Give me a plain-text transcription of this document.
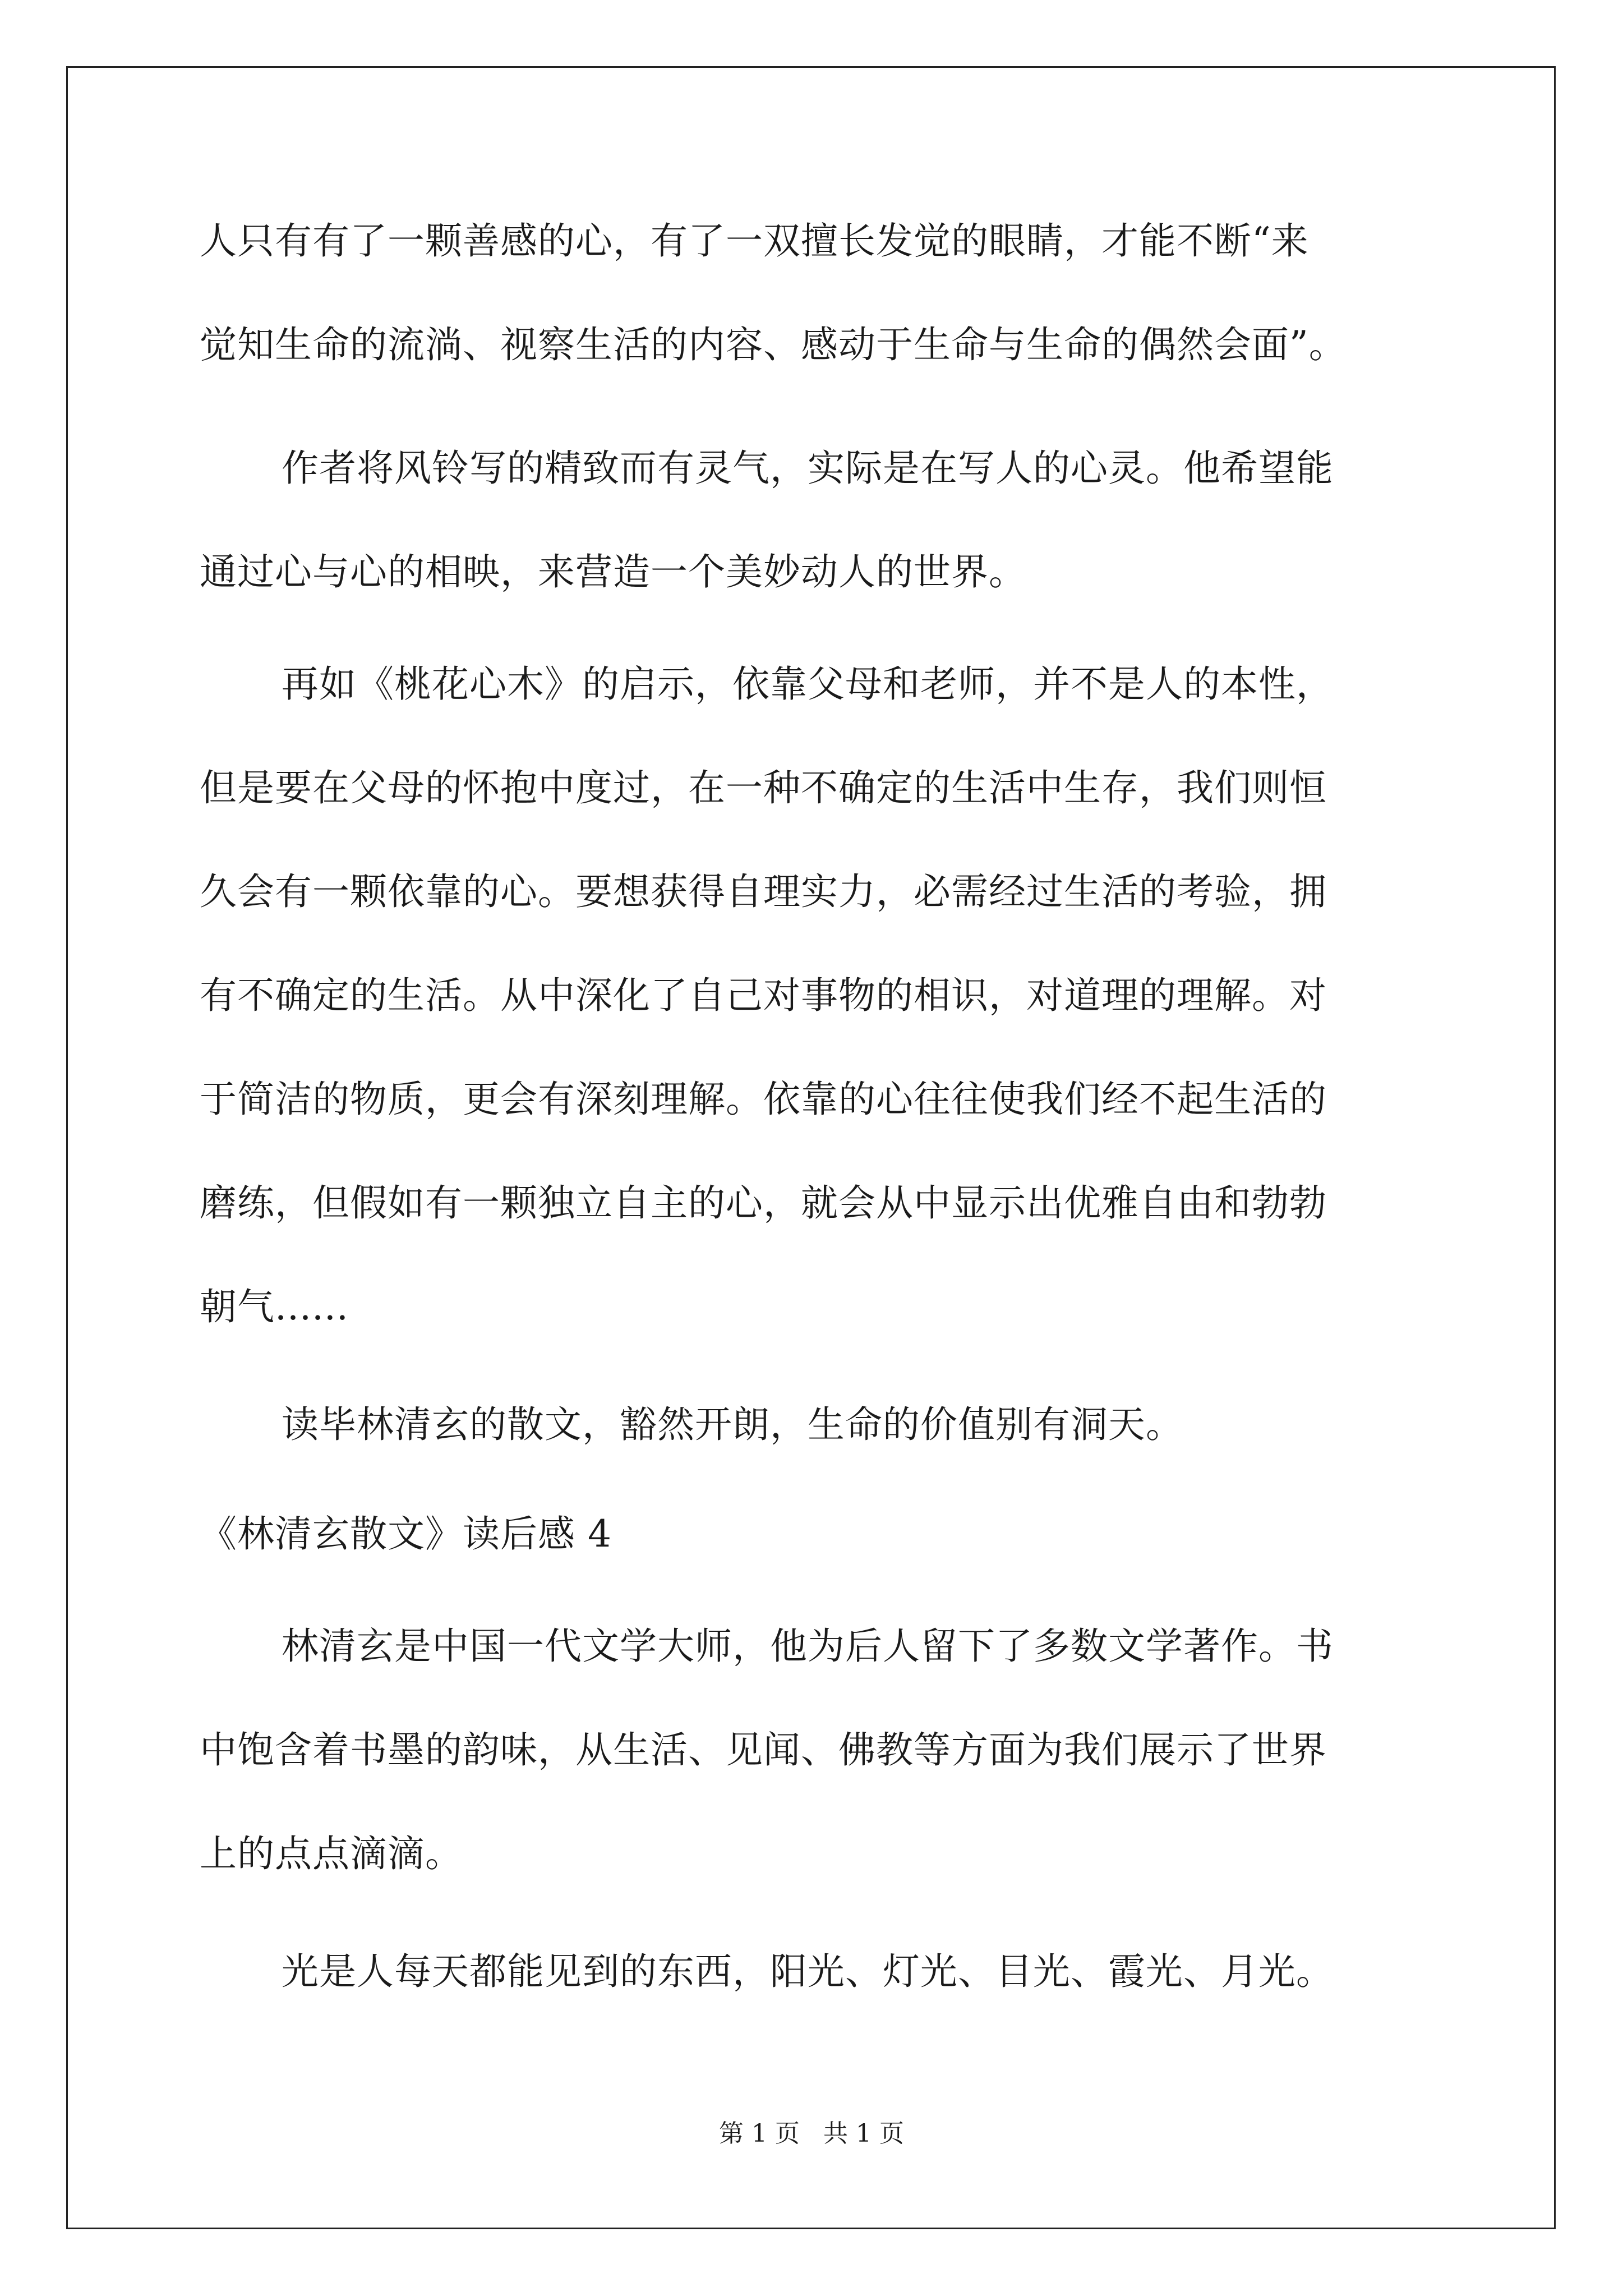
人只有有了一颗善感的心，有了一双擅长发觉的眼睛，才能不断“来
觉知生命的流淌、视察生活的内容、感动于生命与生命的偶然会面”。
作者将风铃写的精致而有灵气，实际是在写人的心灵。他希望能
通过心与心的相映，来营造一个美妙动人的世界。
再如《桃花心木》的启示，依靠父母和老师，并不是人的本性，
但是要在父母的怀抱中度过，在一种不确定的生活中生存，我们则恒
久会有一颗依靠的心。要想获得自理实力，必需经过生活的考验，拥
有不确定的生活。从中深化了自己对事物的相识，对道理的理解。对
于简洁的物质，更会有深刻理解。依靠的心往往使我们经不起生活的
磨练，但假如有一颗独立自主的心，就会从中显示出优雅自由和勃勃
朝气......
读毕林清玄的散文，豁然开朗，生命的价值别有洞天。
《林清玄散文》读后感 4
林清玄是中国一代文学大师，他为后人留下了多数文学著作。书
中饱含着书墨的韵味，从生活、见闻、佛教等方面为我们展示了世界
上的点点滴滴。
光是人每天都能见到的东西，阳光、灯光、目光、霞光、月光。
第 1 页 共 1 页
